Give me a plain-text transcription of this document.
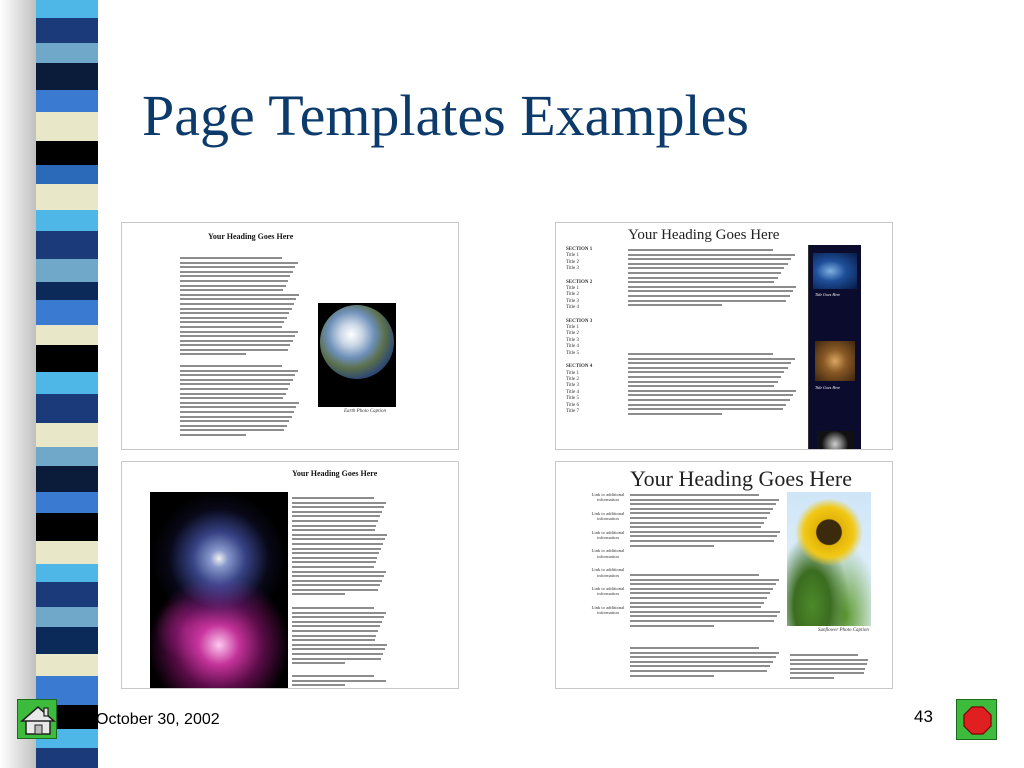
Page Templates Examples
Your Heading Goes Here
Earth Photo Caption
Your Heading Goes Here
SECTION 1
Title 1
Title 2
Title 3
SECTION 2
Title 1
Title 2
Title 3
Title 4
SECTION 3
Title 1
Title 2
Title 3
Title 4
Title 5
SECTION 4
Title 1
Title 2
Title 3
Title 4
Title 5
Title 6
Title 7
Title Goes Here
Title Goes Here
Your Heading Goes Here	Your Heading Goes Here
Link to additional information
Link to additional information
Link to additional information
Link to additional information
Link to additional information
Link to additional information
Link to additional information
Sunflower Photo Caption
October 30, 2002	43
